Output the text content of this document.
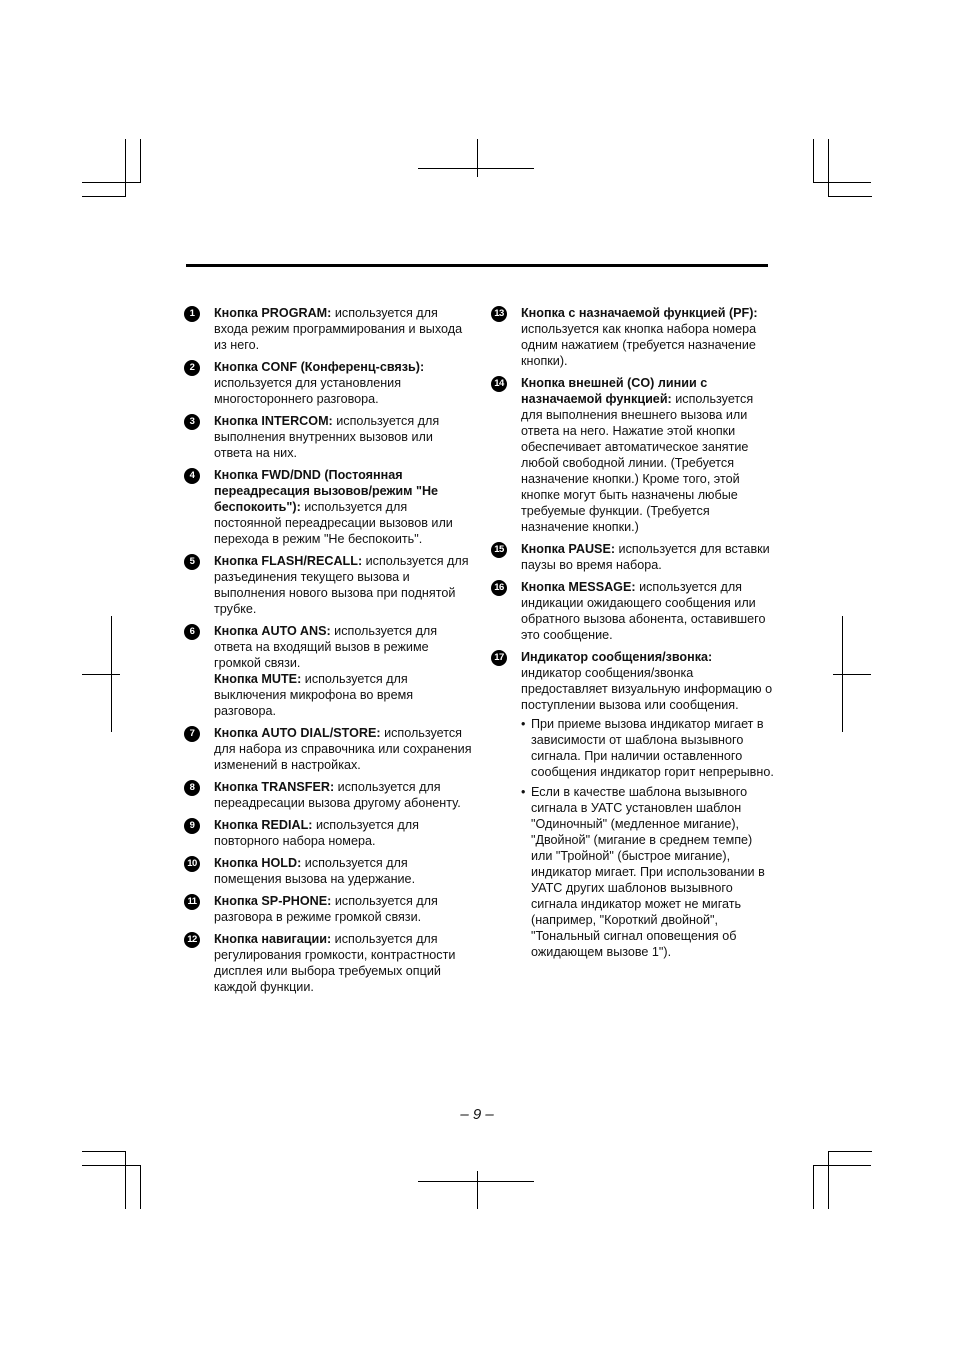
1	Кнопка PROGRAM: используется для входа режим программирования и выхода из него.
2	Кнопка CONF (Конференц-связь): используется для установления многостороннего разговора.
3	Кнопка INTERCOM: используется для выполнения внутренних вызовов или ответа на них.
4	Кнопка FWD/DND (Постоянная переадресация вызовов/режим "Не беспокоить"): используется для постоянной переадресации вызовов или перехода в режим "Не беспокоить".
5	Кнопка FLASH/RECALL: используется для разъединения текущего вызова и выполнения нового вызова при поднятой трубке.
6	Кнопка AUTO ANS: используется для ответа на входящий вызов в режиме громкой связи.
Кнопка MUTE: используется для выключения микрофона во время разговора.
7	Кнопка AUTO DIAL/STORE: используется для набора из справочника или сохранения изменений в настройках.
8	Кнопка TRANSFER: используется для переадресации вызова другому абоненту.
9	Кнопка REDIAL: используется для повторного набора номера.
10 Кнопка HOLD: используется для помещения вызова на удержание.
11 Кнопка SP-PHONE: используется для разговора в режиме громкой связи.
12 Кнопка навигации: используется для регулирования громкости, контрастности дисплея или выбора требуемых опций каждой функции.
13 Кнопка с назначаемой функцией (PF): используется как кнопка набора номера одним нажатием (требуется назначение кнопки).
14 Кнопка внешней (CO) линии с назначаемой функцией: используется для выполнения внешнего вызова или ответа на него. Нажатие этой кнопки обеспечивает автоматическое занятие любой свободной линии. (Требуется назначение кнопки.) Кроме того, этой кнопке могут быть назначены любые требуемые функции. (Требуется назначение кнопки.)
15 Кнопка PAUSE: используется для вставки паузы во время набора.
16 Кнопка MESSAGE: используется для индикации ожидающего сообщения или обратного вызова абонента, оставившего это сообщение.
17 Индикатор сообщения/звонка: индикатор сообщения/звонка предоставляет визуальную информацию о поступлении вызова или сообщения.
• При приеме вызова индикатор мигает в зависимости от шаблона вызывного сигнала. При наличии оставленного сообщения индикатор горит непрерывно.
• Если в качестве шаблона вызывного сигнала в УАТС установлен шаблон "Одиночный" (медленное мигание), "Двойной" (мигание в среднем темпе) или "Тройной" (быстрое мигание), индикатор мигает. При использовании в УАТС других шаблонов вызывного сигнала индикатор может не мигать (например, "Короткий двойной", "Тональный сигнал оповещения об ожидающем вызове 1").
– 9 –
